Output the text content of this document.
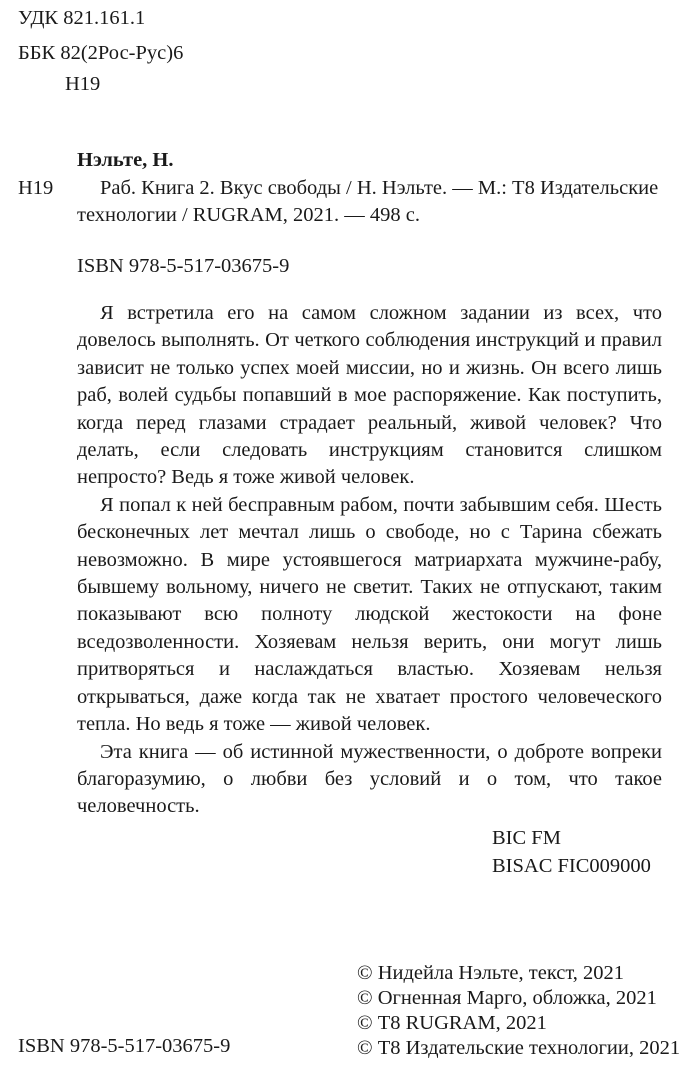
УДК 821.161.1
ББК 82(2Рос-Рус)6
Н19
Нэльте, Н.
Н19 Раб. Книга 2. Вкус свободы / Н. Нэльте. — М.: Т8 Издательские
технологии / RUGRAM, 2021. — 498 с.
ISBN 978-5-517-03675-9

Я встретила его на самом сложном задании из всех, что довелось выполнять. От четкого соблюдения инструкций и правил зависит не только успех моей миссии, но и жизнь. Он всего лишь раб, волей судьбы попавший в мое распоряжение. Как поступить, когда перед глазами страдает реальный, живой человек? Что делать, если следовать инструкциям становится слишком непросто? Ведь я тоже живой человек.

Я попал к ней бесправным рабом, почти забывшим себя. Шесть бесконечных лет мечтал лишь о свободе, но с Тарина сбежать невозможно. В мире устоявшегося матриархата мужчине-рабу, бывшему вольному, ничего не светит. Таких не отпускают, таким показывают всю полноту людской жестокости на фоне вседозволенности. Хозяевам нельзя верить, они могут лишь притворяться и наслаждаться властью. Хозяевам нельзя открываться, даже когда так не хватает простого человеческого тепла. Но ведь я тоже — живой человек.

Эта книга — об истинной мужественности, о доброте вопреки благоразумию, о любви без условий и о том, что такое человечность.

BIC FM
BISAC FIC009000
© Нидейла Нэльте, текст, 2021
© Огненная Марго, обложка, 2021
© Т8 RUGRAM, 2021
© Т8 Издательские технологии, 2021
ISBN 978-5-517-03675-9
